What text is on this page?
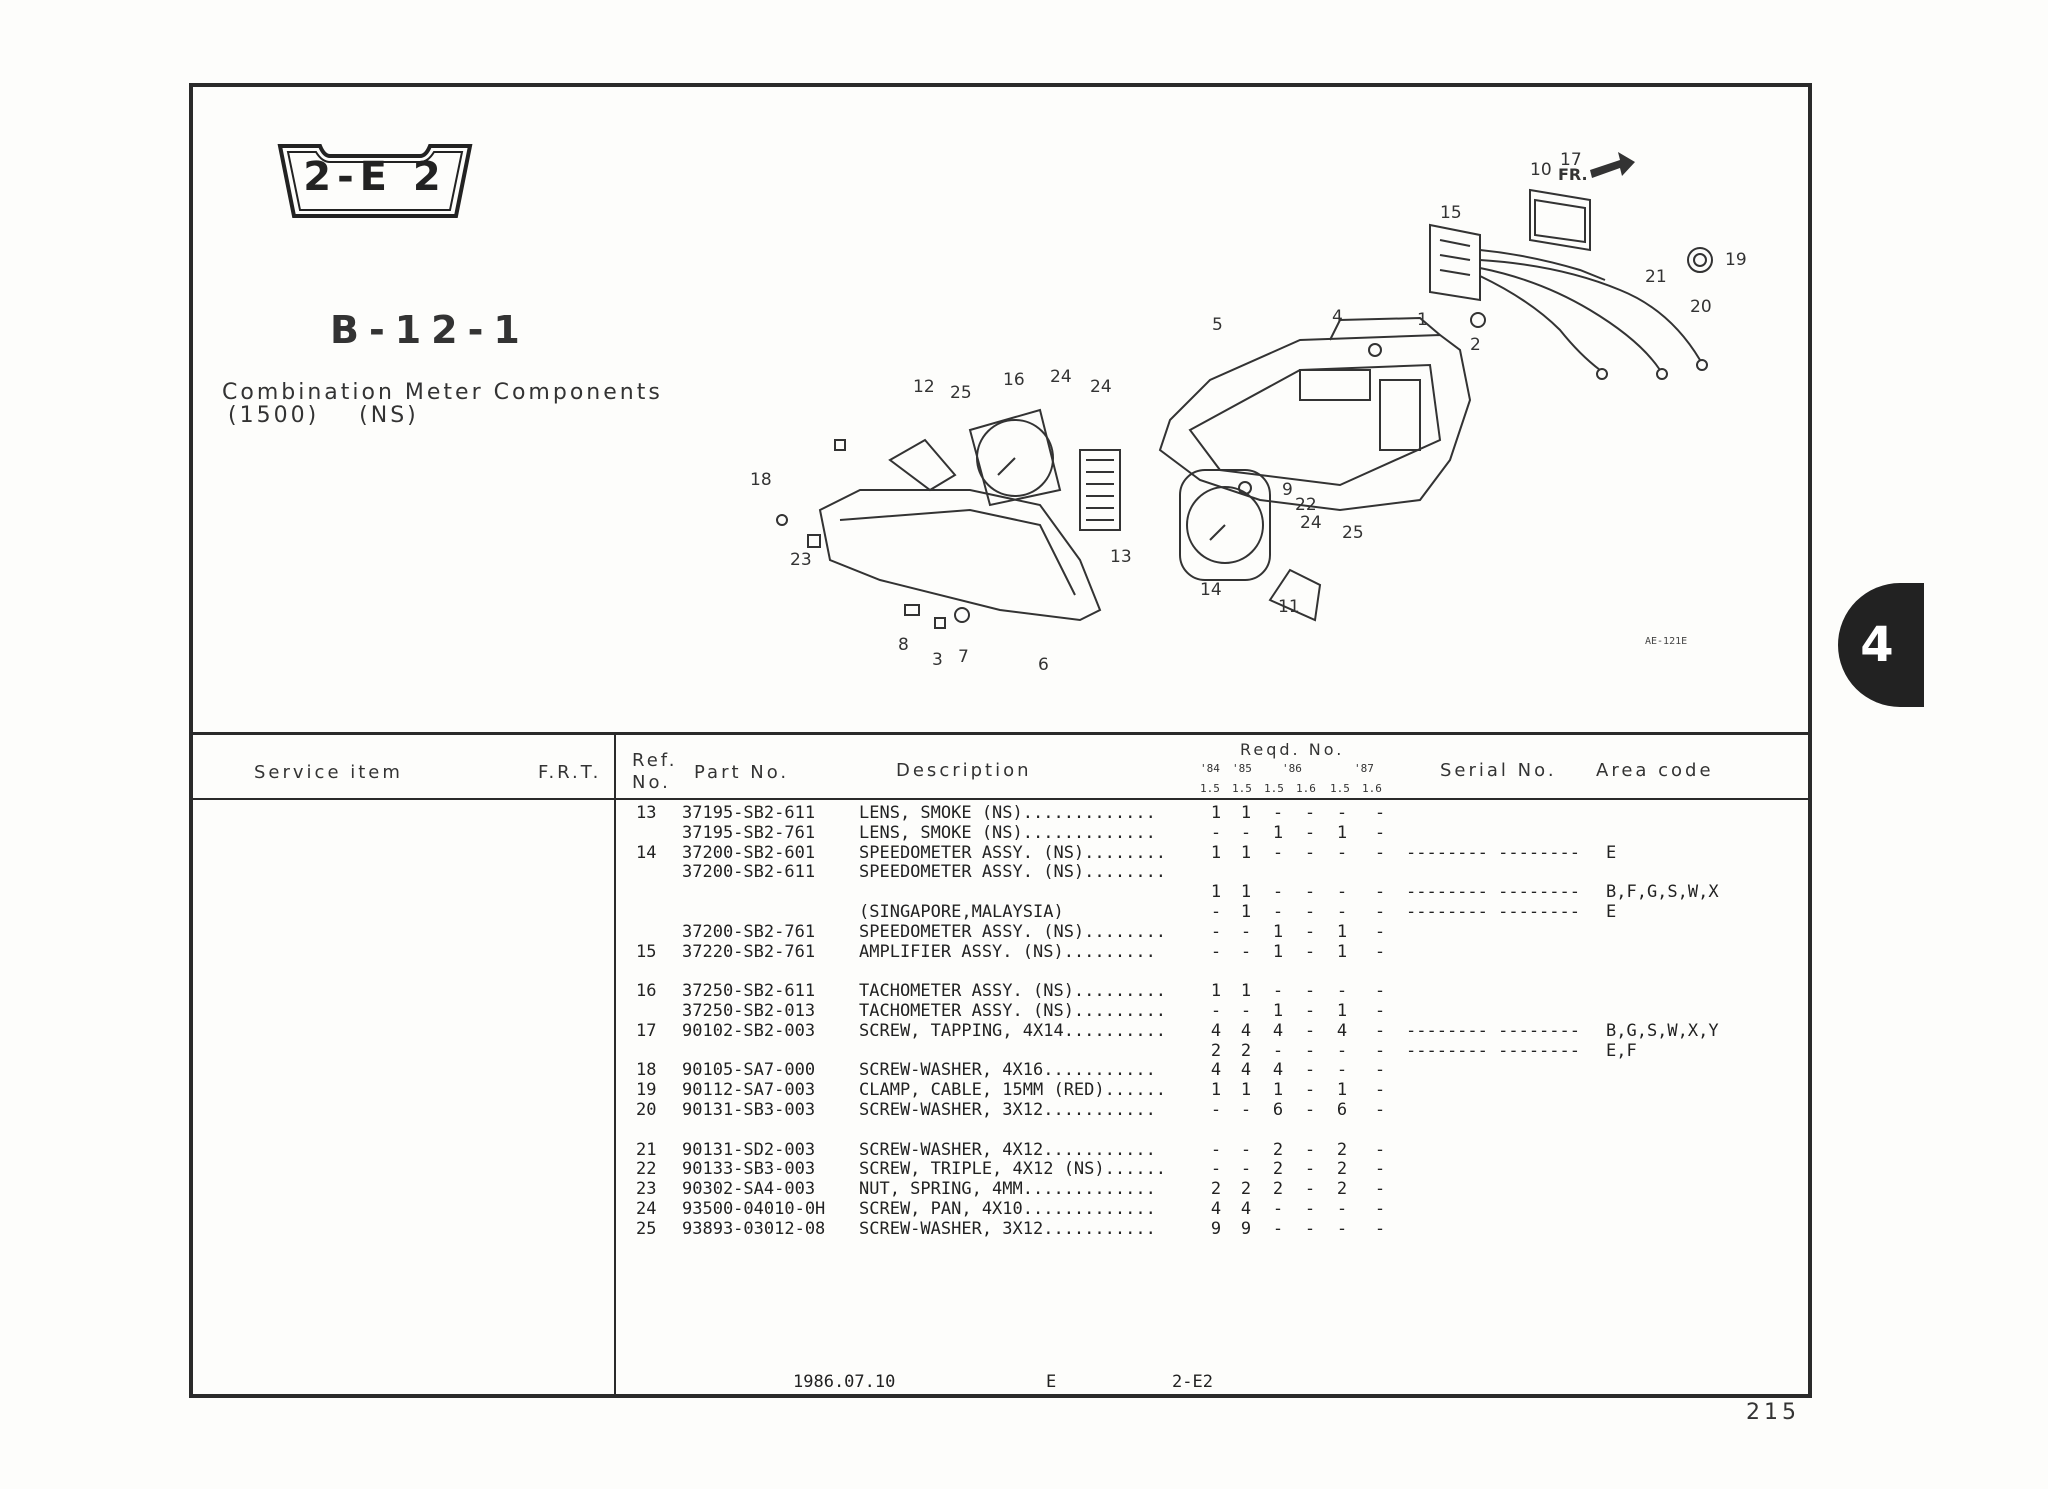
2-E 2
B-12-1
Combination Meter Components
(1500) (NS)
FR.
10 17
15
19
21
20
4
5	1
2
12 25
16 24 24
18
23	13
9
22
24 25
14
11
8
3 7	6
AE-121E	4
Service item	F.R.T.
Ref.
No. Part No.	Description
Reqd. No.
'84 '85	'86	'87
1.5 1.5 1.5 1.6 1.5 1.6
Serial No. Area code
13 37195-SB2-611	LENS, SMOKE (NS).............	1 1 - - - -
37195-SB2-761	LENS, SMOKE (NS).............	- - 1 - 1 -
14 37200-SB2-601	SPEEDOMETER ASSY. (NS)........	1 1 - - - - -------- -------- E
37200-SB2-611	SPEEDOMETER ASSY. (NS)........
1 1 - - - - -------- -------- B,F,G,S,W,X
(SINGAPORE,MALAYSIA)	- 1 - - - - -------- -------- E
37200-SB2-761	SPEEDOMETER ASSY. (NS)........	- - 1 - 1 -
15 37220-SB2-761	AMPLIFIER ASSY. (NS).........	- - 1 - 1 -
16 37250-SB2-611	TACHOMETER ASSY. (NS).........	1 1 - - - -
37250-SB2-013	TACHOMETER ASSY. (NS).........	- - 1 - 1 -
17 90102-SB2-003	SCREW, TAPPING, 4X14..........	4 4 4 - 4 - -------- -------- B,G,S,W,X,Y
2 2 - - - - -------- -------- E,F
18 90105-SA7-000	SCREW-WASHER, 4X16...........	4 4 4 - - -
19 90112-SA7-003	CLAMP, CABLE, 15MM (RED)......	1 1 1 - 1 -
20 90131-SB3-003	SCREW-WASHER, 3X12...........	- - 6 - 6 -
21 90131-SD2-003	SCREW-WASHER, 4X12...........	- - 2 - 2 -
22 90133-SB3-003	SCREW, TRIPLE, 4X12 (NS)......	- - 2 - 2 -
23 90302-SA4-003	NUT, SPRING, 4MM.............	2 2 2 - 2 -
24 93500-04010-0H SCREW, PAN, 4X10.............	4 4 - - - -
25 93893-03012-08 SCREW-WASHER, 3X12...........	9 9 - - - -
1986.07.10	E	2-E2
215
